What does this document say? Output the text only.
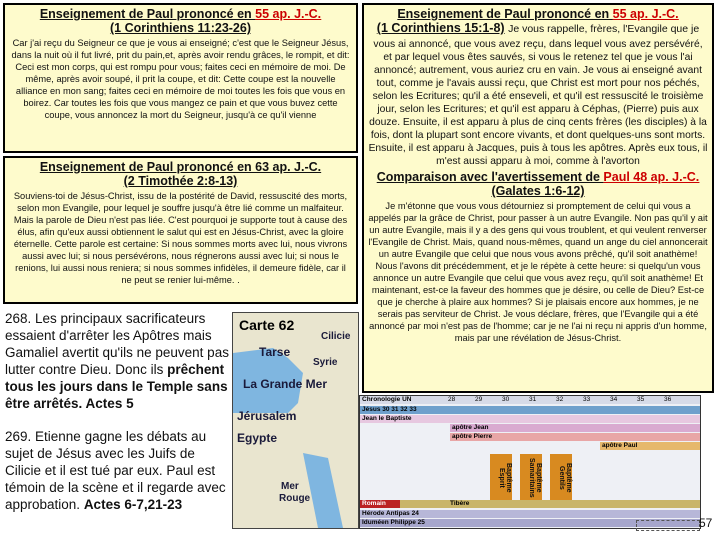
Enseignement de Paul prononcé en 55 ap. J.-C.
(1 Corinthiens 11:23-26)
Car j'ai reçu du Seigneur ce que je vous ai enseigné; c'est que le Seigneur Jésus, dans la nuit où il fut livré, prit du pain,et, après avoir rendu grâces, le rompit, et dit: Ceci est mon corps, qui est rompu pour vous; faites ceci en mémoire de moi. De même, après avoir soupé, il prit la coupe, et dit: Cette coupe est la nouvelle alliance en mon sang; faites ceci en mémoire de moi toutes les fois que vous en boirez. Car toutes les fois que vous mangez ce pain et que vous buvez cette coupe, vous annoncez la mort du Seigneur, jusqu'à ce qu'il vienne
Enseignement de Paul prononcé en 63 ap. J.-C.
(2 Timothée 2:8-13)
Souviens-toi de Jésus-Christ, issu de la postérité de David, ressuscité des morts, selon mon Evangile, pour lequel je souffre jusqu'à être lié comme un malfaiteur. Mais la parole de Dieu n'est pas liée. C'est pourquoi je supporte tout à cause des élus, afin qu'eux aussi obtiennent le salut qui est en Jésus-Christ, avec la gloire éternelle. Cette parole est certaine: Si nous sommes morts avec lui, nous vivrons aussi avec lui; si nous persévérons, nous régnerons aussi avec lui; si nous le renions, lui aussi nous reniera; si nous sommes infidèles, il demeure fidèle, car il ne peut se renier lui-même. .
Enseignement de Paul prononcé en 55 ap. J.-C.
(1 Corinthiens 15:1-8) Je vous rappelle, frères, l'Evangile que je
vous ai annoncé, que vous avez reçu, dans lequel vous avez persévéré, et par lequel vous êtes sauvés, si vous le retenez tel que je vous l'ai annoncé; autrement, vous auriez cru en vain. Je vous ai enseigné avant tout, comme je l'avais aussi reçu, que Christ est mort pour nos péchés, selon les Ecritures; qu'il a été enseveli, et qu'il est ressuscité le troisième jour, selon les Ecritures; et qu'il est apparu à Céphas, (Pierre) puis aux douze. Ensuite, il est apparu à plus de cinq cents frères (les disciples) à la fois, dont la plupart sont encore vivants, et dont quelques-uns sont morts. Ensuite, il est apparu à Jacques, puis à tous les apôtres. Après eux tous, il m'est aussi apparu à moi, comme à l'avorton
Comparaison avec l'avertissement de Paul 48 ap. J.-C. (Galates 1:6-12)
Je m'étonne que vous vous détourniez si promptement de celui qui vous a appelés par la grâce de Christ, pour passer à un autre Evangile. Non pas qu'il y ait un autre Evangile, mais il y a des gens qui vous troublent, et qui veulent renverser l'Evangile de Christ. Mais, quand nous-mêmes, quand un ange du ciel annoncerait un autre Evangile que celui que nous vous avons prêché, qu'il soit anathème! Nous l'avons dit précédemment, et je le répète à cette heure: si quelqu'un vous annonce un autre Evangile que celui que vous avez reçu, qu'il soit anathème! Et maintenant, est-ce la faveur des hommes que je désire, ou celle de Dieu? Est-ce que je cherche à plaire aux hommes? Si je plaisais encore aux hommes, je ne serais pas serviteur de Christ. Je vous déclare, frères, que l'Evangile qui a été annoncé par moi n'est pas de l'homme; car je ne l'ai ni reçu ni appris d'un homme, mais par une révélation de Jésus-Christ.
268. Les principaux sacrificateurs essaient d'arrêter les Apôtres mais Gamaliel avertit qu'ils ne peuvent pas lutter contre Dieu. Donc ils prêchent tous les jours dans le Temple sans être arrêtés. Actes 5
269. Etienne gagne les débats au sujet de Jésus avec les Juifs de Cilicie et il est tué par eux. Paul est témoin de la scène et il regarde avec approbation. Actes 6-7,21-23
Carte 62
Cilicie
Tarse
Syrie
La Grande Mer
Jérusalem
Egypte
Mer
Rouge
Chronologie UN	28	29	30	31	32	33	34	35	36
Jésus 30 31 32 33
Jean le Baptiste
apôtre Jean
apôtre Pierre
apôtre Paul
Baptême Esprit	Baptême Samaritains	Baptême Gentils
Tibère
Romain
Hérode Antipas 24
Iduméen Philippe 25	57
